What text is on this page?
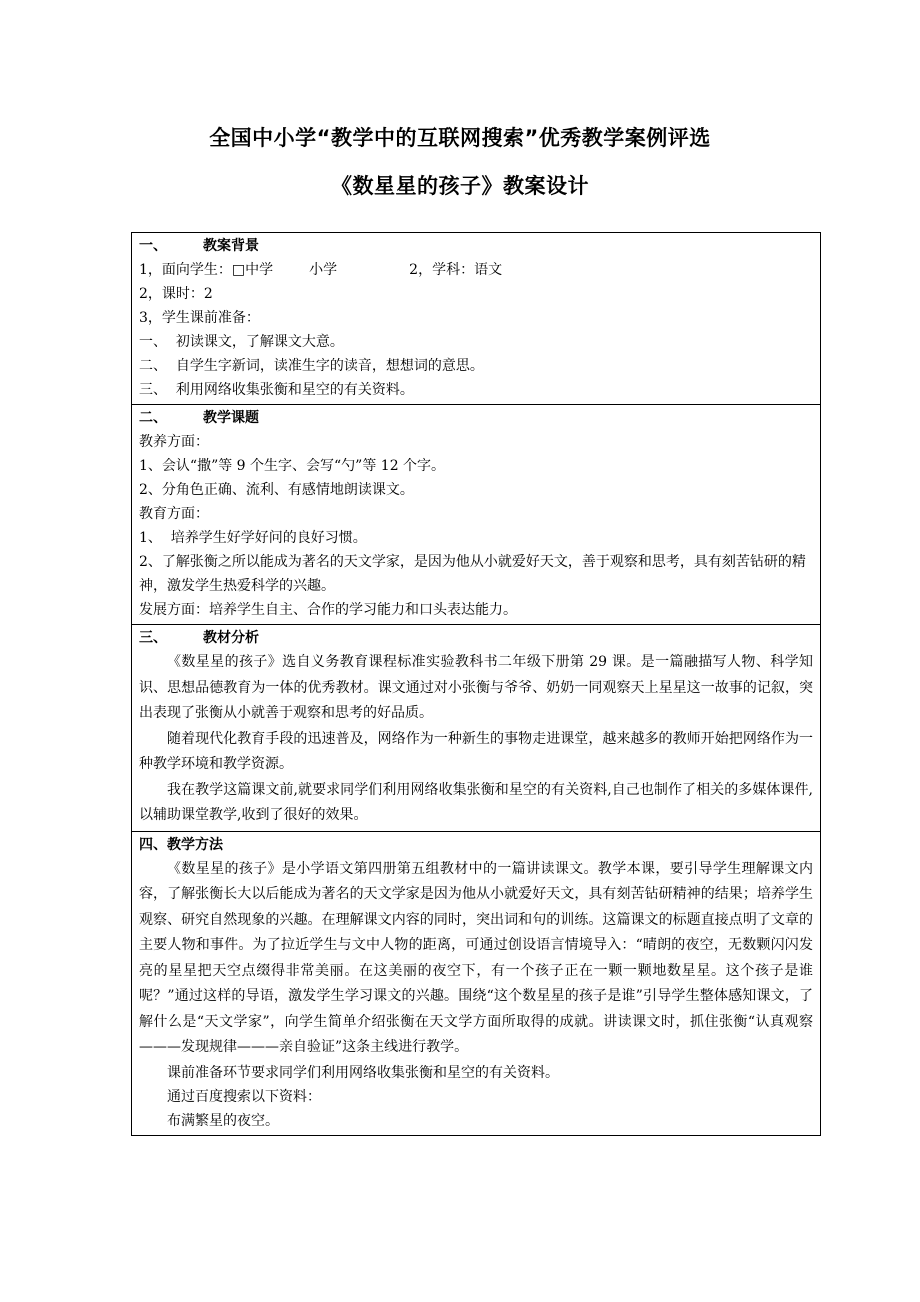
全国中小学“教学中的互联网搜索”优秀教学案例评选
《数星星的孩子》教案设计
一、	教案背景
1，面向学生：□中学	小学	2，学科：语文
2，课时：2
3，学生课前准备：
一、  初读课文，了解课文大意。
二、  自学生字新词，读准生字的读音，想想词的意思。
三、  利用网络收集张衡和星空的有关资料。

二、	教学课题
教养方面：
1、会认“撒”等 9 个生字、会写“勺”等 12 个字。
2、分角色正确、流利、有感情地朗读课文。
教育方面：
1、  培养学生好学好问的良好习惯。
2、了解张衡之所以能成为著名的天文学家，是因为他从小就爱好天文，善于观察和思考，具有刻苦钻研的精神，激发学生热爱科学的兴趣。
发展方面：培养学生自主、合作的学习能力和口头表达能力。

三、	教材分析
《数星星的孩子》选自义务教育课程标准实验教科书二年级下册第 29 课。是一篇融描写人物、科学知识、思想品德教育为一体的优秀教材。课文通过对小张衡与爷爷、奶奶一同观察天上星星这一故事的记叙，突出表现了张衡从小就善于观察和思考的好品质。
随着现代化教育手段的迅速普及，网络作为一种新生的事物走进课堂，越来越多的教师开始把网络作为一种教学环境和教学资源。
我在教学这篇课文前,就要求同学们利用网络收集张衡和星空的有关资料,自己也制作了相关的多媒体课件,以辅助课堂教学,收到了很好的效果。

四、教学方法
《数星星的孩子》是小学语文第四册第五组教材中的一篇讲读课文。教学本课，要引导学生理解课文内容，了解张衡长大以后能成为著名的天文学家是因为他从小就爱好天文，具有刻苦钻研精神的结果；培养学生观察、研究自然现象的兴趣。在理解课文内容的同时，突出词和句的训练。这篇课文的标题直接点明了文章的主要人物和事件。为了拉近学生与文中人物的距离，可通过创设语言情境导入：“晴朗的夜空，无数颗闪闪发亮的星星把天空点缀得非常美丽。在这美丽的夜空下，有一个孩子正在一颗一颗地数星星。这个孩子是谁呢？”通过这样的导语，激发学生学习课文的兴趣。围绕“这个数星星的孩子是谁”引导学生整体感知课文，了解什么是“天文学家”，向学生简单介绍张衡在天文学方面所取得的成就。讲读课文时，抓住张衡“认真观察———发现规律———亲自验证”这条主线进行教学。
课前准备环节要求同学们利用网络收集张衡和星空的有关资料。
通过百度搜索以下资料：
布满繁星的夜空。
